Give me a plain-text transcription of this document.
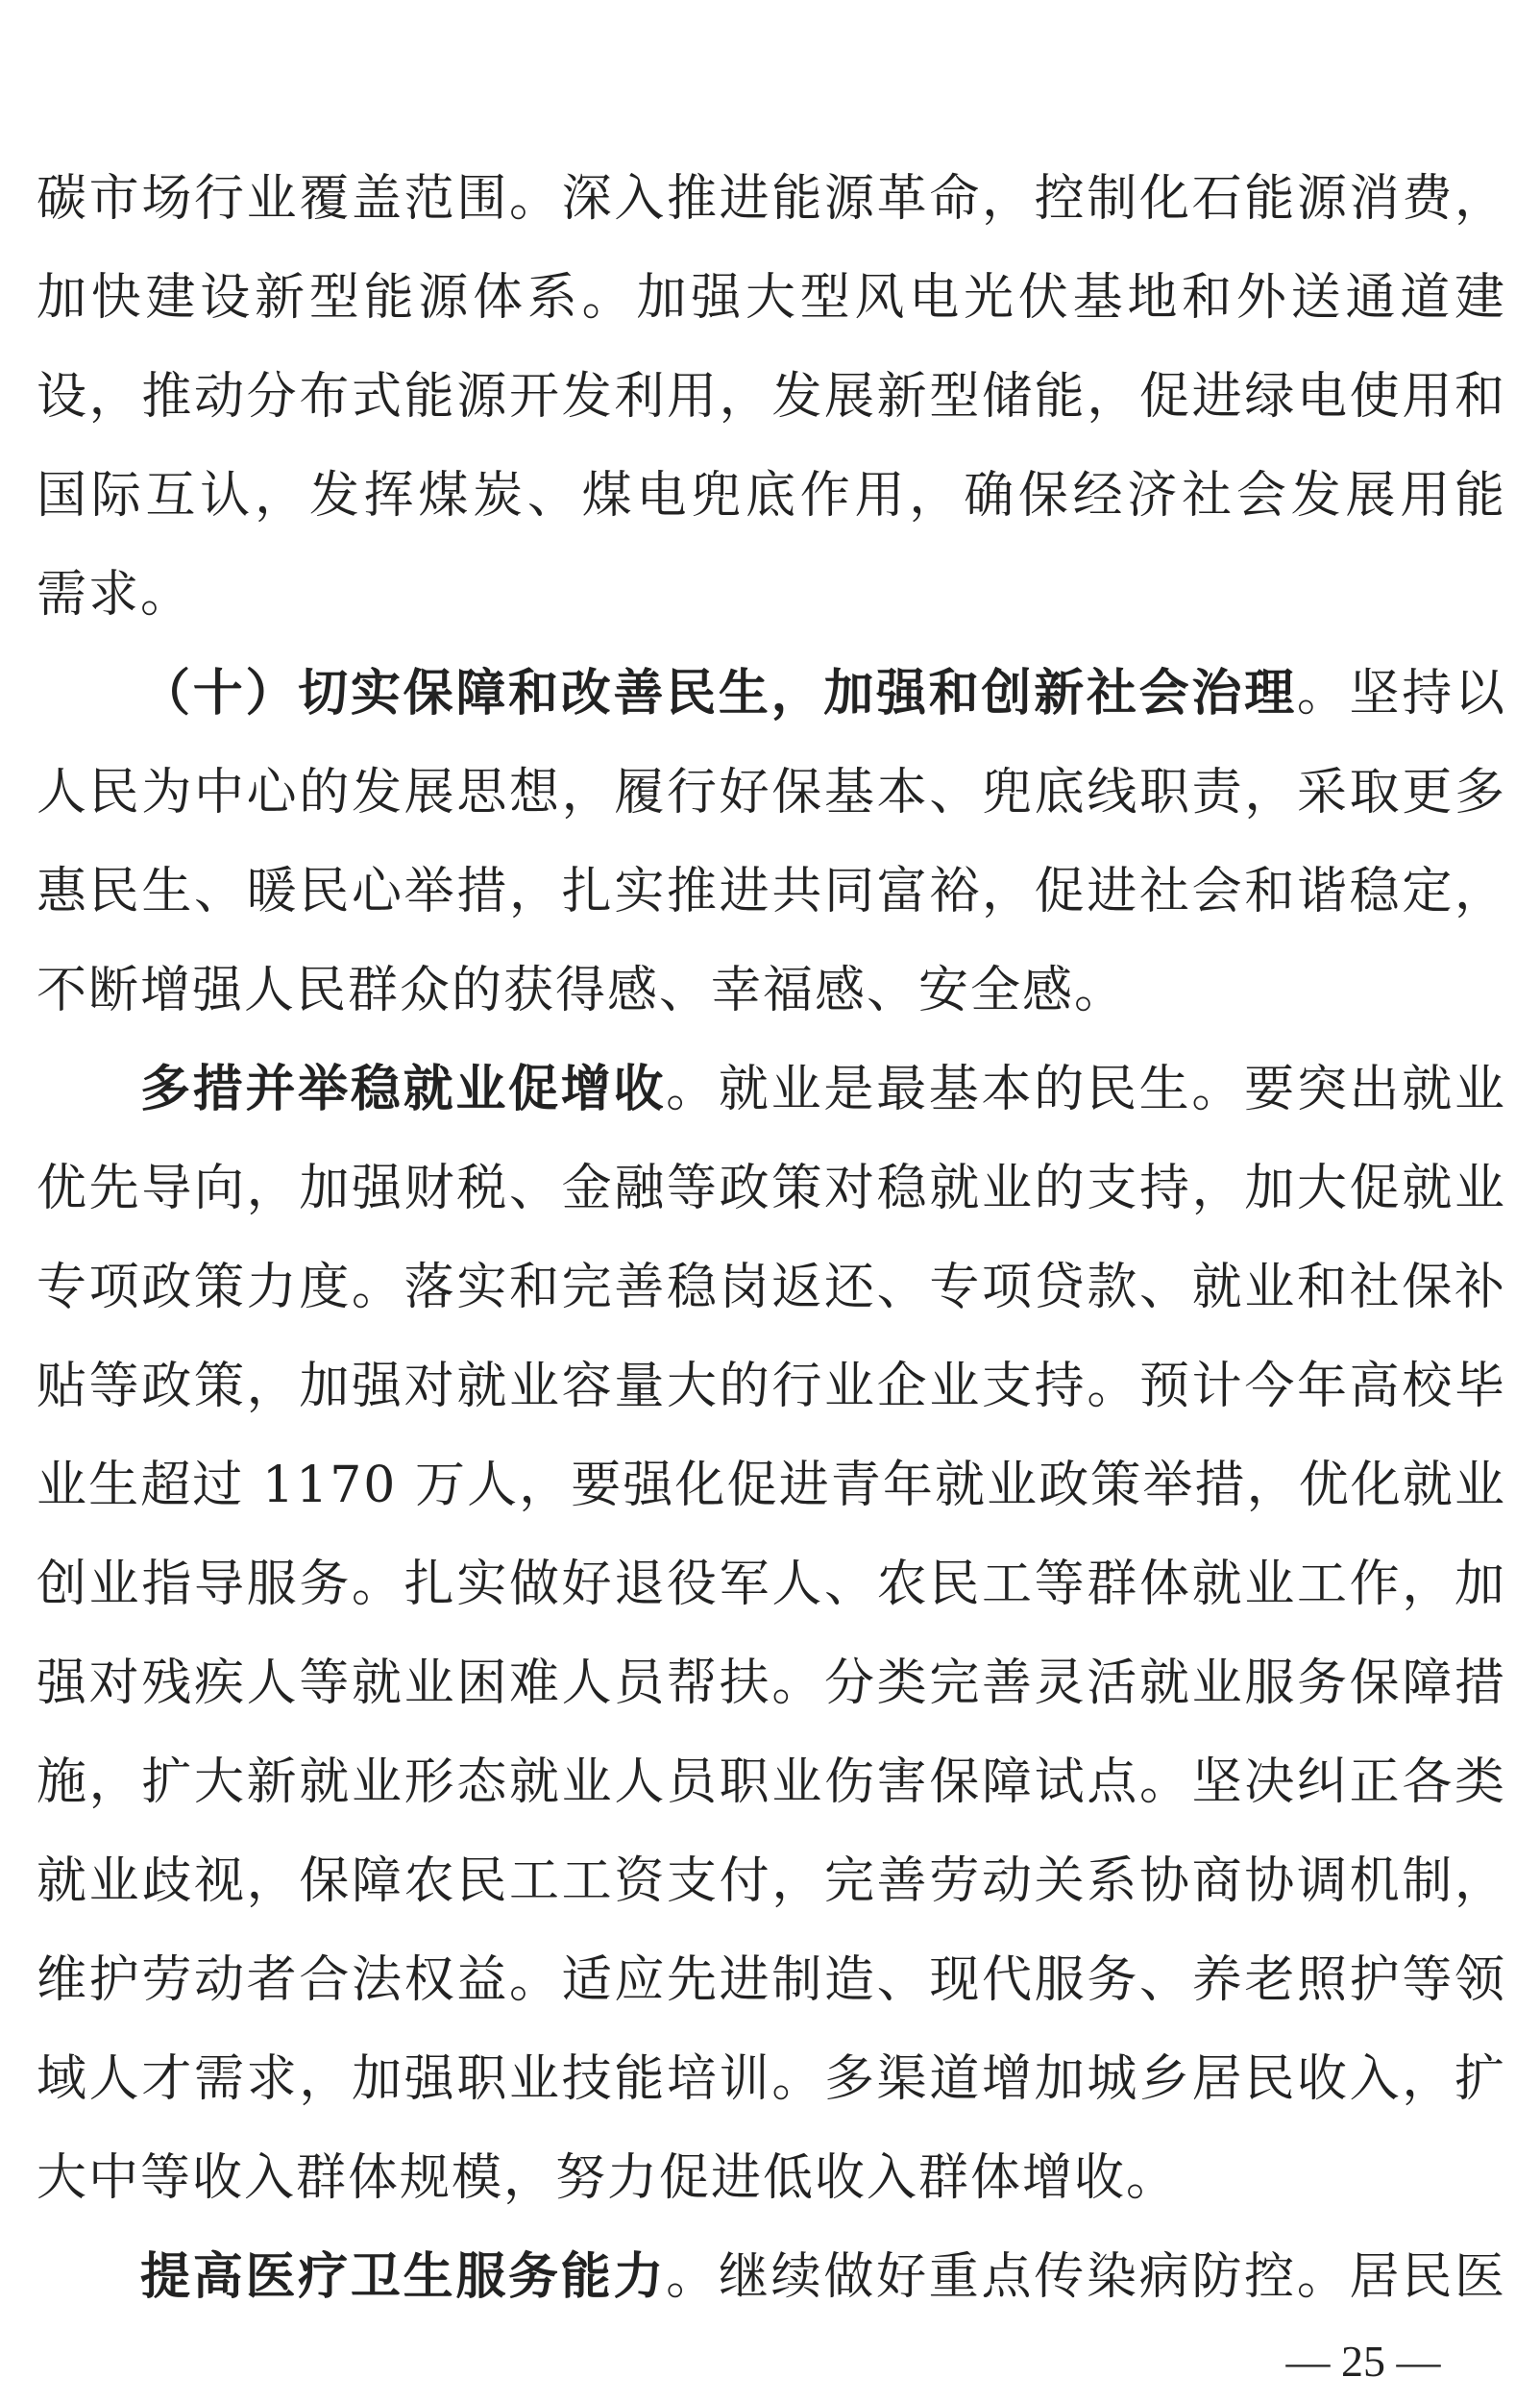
碳市场行业覆盖范围。深入推进能源革命，控制化石能源消费，
加快建设新型能源体系。加强大型风电光伏基地和外送通道建
设，推动分布式能源开发利用，发展新型储能，促进绿电使用和
国际互认，发挥煤炭、煤电兜底作用，确保经济社会发展用能
需求。
（十）切实保障和改善民生，加强和创新社会治理。坚持以
人民为中心的发展思想，履行好保基本、兜底线职责，采取更多
惠民生、暖民心举措，扎实推进共同富裕，促进社会和谐稳定，
不断增强人民群众的获得感、幸福感、安全感。
多措并举稳就业促增收。就业是最基本的民生。要突出就业
优先导向，加强财税、金融等政策对稳就业的支持，加大促就业
专项政策力度。落实和完善稳岗返还、专项贷款、就业和社保补
贴等政策，加强对就业容量大的行业企业支持。预计今年高校毕
业生超过 1170 万人，要强化促进青年就业政策举措，优化就业
创业指导服务。扎实做好退役军人、农民工等群体就业工作，加
强对残疾人等就业困难人员帮扶。分类完善灵活就业服务保障措
施，扩大新就业形态就业人员职业伤害保障试点。坚决纠正各类
就业歧视，保障农民工工资支付，完善劳动关系协商协调机制，
维护劳动者合法权益。适应先进制造、现代服务、养老照护等领
域人才需求，加强职业技能培训。多渠道增加城乡居民收入，扩
大中等收入群体规模，努力促进低收入群体增收。
提高医疗卫生服务能力。继续做好重点传染病防控。居民医
— 25 —
